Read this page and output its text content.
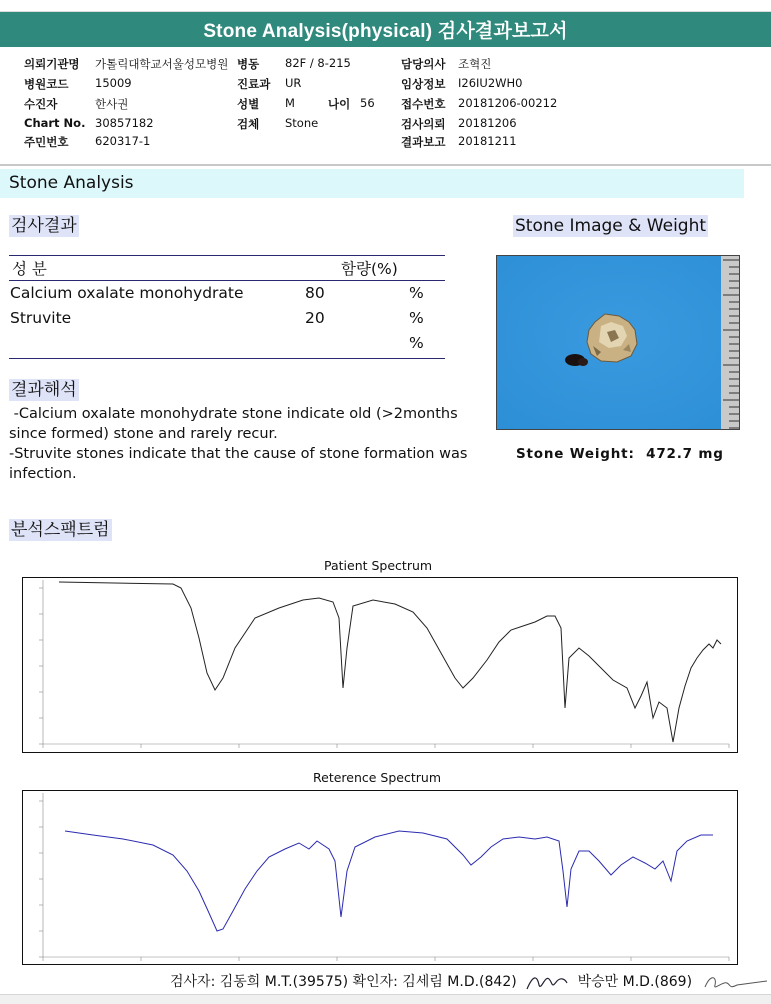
Stone Analysis(physical) 검사결과보고서
의뢰기관명 가톨릭대학교서울성모병원 병동 82F / 8-215	담당의사 조혁진
병원코드 15009	진료과 UR	임상정보 I26IU2WH0
수진자	한사권	성별 M	나이 56 접수번호 20181206-00212
Chart No. 30857182	검체 Stone	검사의뢰 20181206
주민번호 620317-1	결과보고 20181211
Stone Analysis
검사결과
성 분	함량(%)
Calcium oxalate monohydrate	80	%
Struvite	20	%
%
결과해석
-Calcium oxalate monohydrate stone indicate old (>2months since formed) stone and rarely recur.
-Struvite stones indicate that the cause of stone formation was infection.
Stone Image & Weight
Stone Weight: 472.7 mg
분석스팩트럼
Patient Spectrum
Reterence Spectrum
검사자: 김동희 M.T.(39575) 확인자: 김세림 M.D.(842)	박승만 M.D.(869)
